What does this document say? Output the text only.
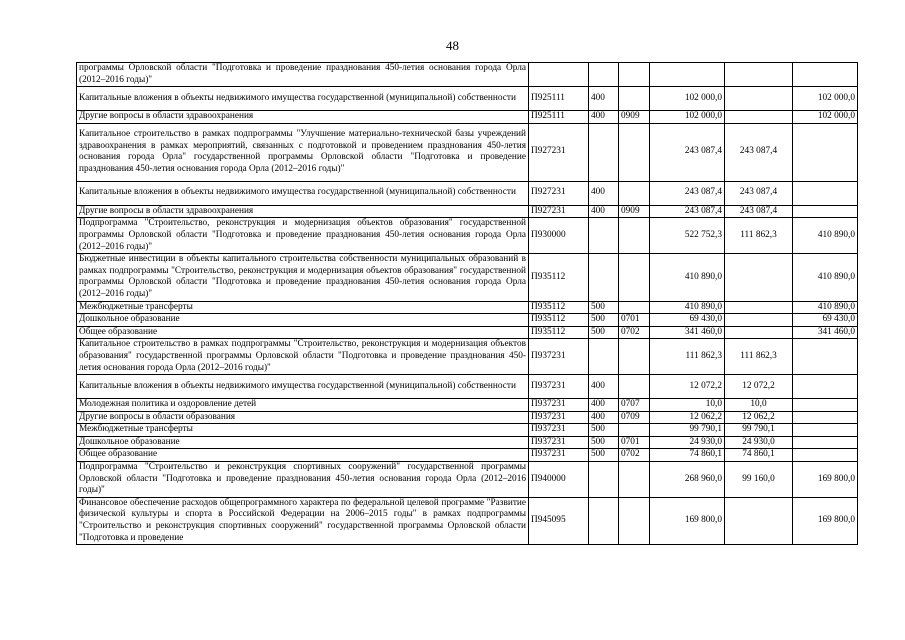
48
программы Орловской области "Подготовка и проведение празднования 450-летия основания города Орла (2012–2016 годы)"						
Капитальные вложения в объекты недвижимого имущества государственной (муниципальной) собственности	П925111	400		102 000,0		102 000,0
Другие вопросы в области здравоохранения	П925111	400	0909	102 000,0		102 000,0
Капитальное строительство в рамках подпрограммы "Улучшение материально-технической базы учреждений здравоохранения в рамках мероприятий, связанных с подготовкой и проведением празднования 450-летия основания города Орла" государственной программы Орловской области "Подготовка и проведение празднования 450-летия основания города Орла (2012–2016 годы)"	П927231			243 087,4	243 087,4	
Капитальные вложения в объекты недвижимого имущества государственной (муниципальной) собственности	П927231	400		243 087,4	243 087,4	
Другие вопросы в области здравоохранения	П927231	400	0909	243 087,4	243 087,4	
Подпрограмма "Строительство, реконструкция и модернизация объектов образования" государственной программы Орловской области "Подготовка и проведение празднования 450-летия основания города Орла (2012–2016 годы)"	П930000			522 752,3	111 862,3	410 890,0
Бюджетные инвестиции в объекты капитального строительства собственности муниципальных образований в рамках подпрограммы "Строительство, реконструкция и модернизация объектов образования" государственной программы Орловской области "Подготовка и проведение празднования 450-летия основания города Орла (2012–2016 годы)"	П935112			410 890,0		410 890,0
Межбюджетные трансферты	П935112	500		410 890,0		410 890,0
Дошкольное образование	П935112	500	0701	69 430,0		69 430,0
Общее образование	П935112	500	0702	341 460,0		341 460,0
Капитальное строительство в рамках подпрограммы "Строительство, реконструкция и модернизация объектов образования" государственной программы Орловской области "Подготовка и проведение празднования 450-летия основания города Орла (2012–2016 годы)"	П937231			111 862,3	111 862,3	
Капитальные вложения в объекты недвижимого имущества государственной (муниципальной) собственности	П937231	400		12 072,2	12 072,2	
Молодежная политика и оздоровление детей	П937231	400	0707	10,0	10,0	
Другие вопросы в области образования	П937231	400	0709	12 062,2	12 062,2	
Межбюджетные трансферты	П937231	500		99 790,1	99 790,1	
Дошкольное образование	П937231	500	0701	24 930,0	24 930,0	
Общее образование	П937231	500	0702	74 860,1	74 860,1	
Подпрограмма "Строительство и реконструкция спортивных сооружений" государственной программы Орловской области "Подготовка и проведение празднования 450-летия основания города Орла (2012–2016 годы)"	П940000			268 960,0	99 160,0	169 800,0
Финансовое обеспечение расходов общепрограммного характера по федеральной целевой программе "Развитие физической культуры и спорта в Российской Федерации на 2006–2015 годы" в рамках подпрограммы "Строительство и реконструкция спортивных сооружений" государственной программы Орловской области "Подготовка и проведение	П945095			169 800,0		169 800,0
